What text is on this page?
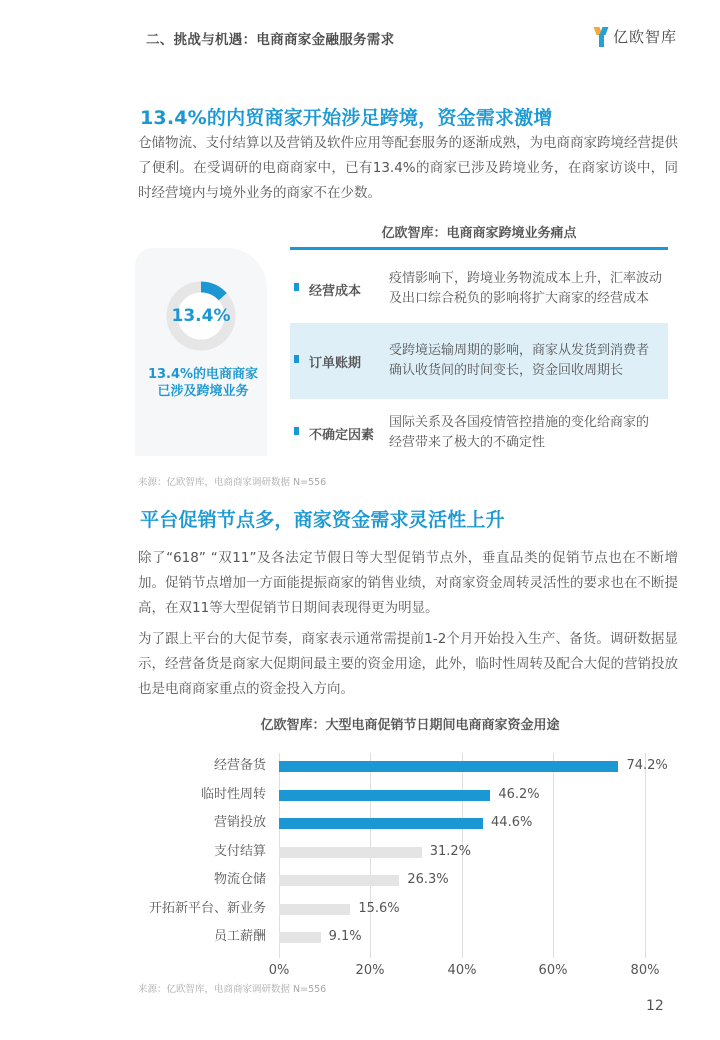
二、挑战与机遇：电商商家金融服务需求	亿欧智库
13.4%的内贸商家开始涉足跨境，资金需求激增
仓储物流、支付结算以及营销及软件应用等配套服务的逐渐成熟，为电商商家跨境经营提供了便利。在受调研的电商商家中，已有13.4%的商家已涉及跨境业务，在商家访谈中，同时经营境内与境外业务的商家不在少数。
13.4%
13.4%的电商商家
已涉及跨境业务
亿欧智库：电商商家跨境业务痛点
经营成本
疫情影响下，跨境业务物流成本上升，汇率波动
及出口综合税负的影响将扩大商家的经营成本
订单账期
受跨境运输周期的影响，商家从发货到消费者
确认收货间的时间变长，资金回收周期长
不确定因素
国际关系及各国疫情管控措施的变化给商家的
经营带来了极大的不确定性
来源：亿欧智库，电商商家调研数据 N=556
平台促销节点多，商家资金需求灵活性上升
除了“618” “双11”及各法定节假日等大型促销节点外，垂直品类的促销节点也在不断增加。促销节点增加一方面能提振商家的销售业绩，对商家资金周转灵活性的要求也在不断提高，在双11等大型促销节日期间表现得更为明显。
为了跟上平台的大促节奏，商家表示通常需提前1-2个月开始投入生产、备货。调研数据显示，经营备货是商家大促期间最主要的资金用途，此外，临时性周转及配合大促的营销投放也是电商商家重点的资金投入方向。
亿欧智库：大型电商促销节日期间电商商家资金用途
经营备货	74.2%
临时性周转	46.2%
营销投放	44.6%
支付结算	31.2%
物流仓储	26.3%
开拓新平台、新业务	15.6%
员工薪酬	9.1%
0%	20%	40%	60%	80%
来源：亿欧智库，电商商家调研数据 N=556
12
